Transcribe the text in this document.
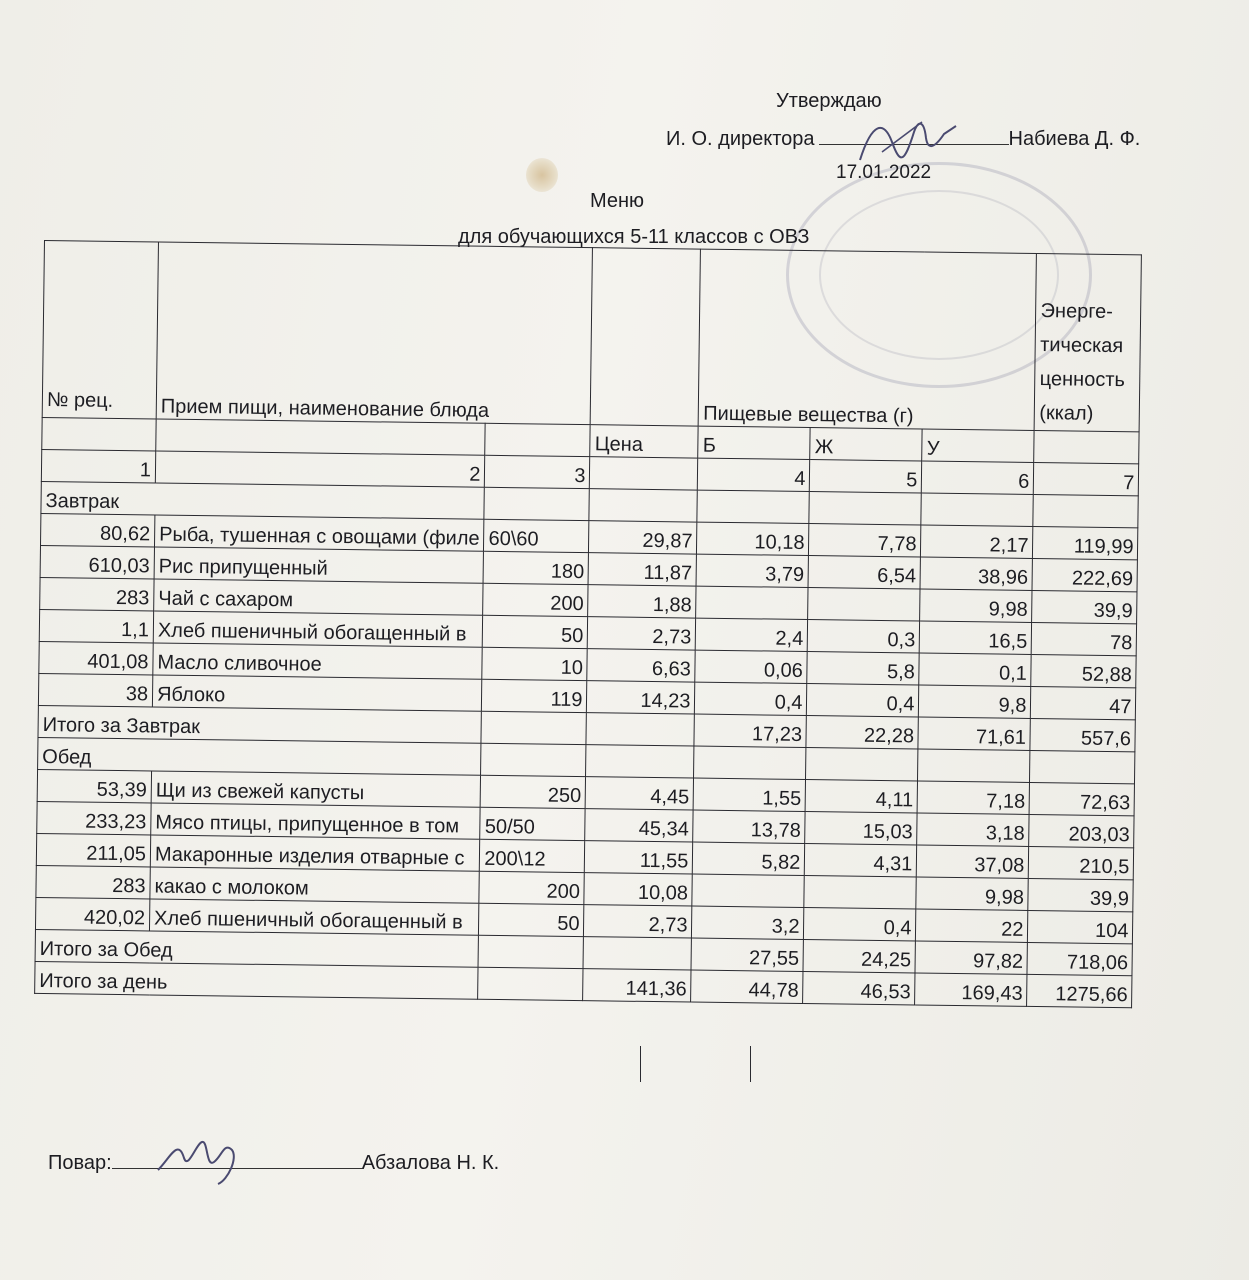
Утверждаю
И. О. директора	Набиева Д. Ф.
17.01.2022
Меню
для обучающихся 5-11 классов с ОВЗ
№ рец.	Прием пищи, наименование блюда			Пищевые вещества (г)			Энерге-тическая ценность (ккал)
			Цена	Б	Ж	У	
1	2	3		4	5	6	7
Завтрак							
80,62	Рыба, тушенная с овощами (филе	60\60	29,87	10,18	7,78	2,17	119,99
610,03	Рис припущенный	180	11,87	3,79	6,54	38,96	222,69
283	Чай с сахаром	200	1,88			9,98	39,9
1,1	Хлеб пшеничный обогащенный в	50	2,73	2,4	0,3	16,5	78
401,08	Масло сливочное	10	6,63	0,06	5,8	0,1	52,88
38	Яблоко	119	14,23	0,4	0,4	9,8	47
Итого за Завтрак				17,23	22,28	71,61	557,6
Обед							
53,39	Щи из свежей капусты	250	4,45	1,55	4,11	7,18	72,63
233,23	Мясо птицы, припущенное в том	50/50	45,34	13,78	15,03	3,18	203,03
211,05	Макаронные изделия отварные с	200\12	11,55	5,82	4,31	37,08	210,5
283	какао с молоком	200	10,08			9,98	39,9
420,02	Хлеб пшеничный обогащенный в	50	2,73	3,2	0,4	22	104
Итого за Обед				27,55	24,25	97,82	718,06
Итого за день			141,36	44,78	46,53	169,43	1275,66
Повар:	Абзалова Н. К.
